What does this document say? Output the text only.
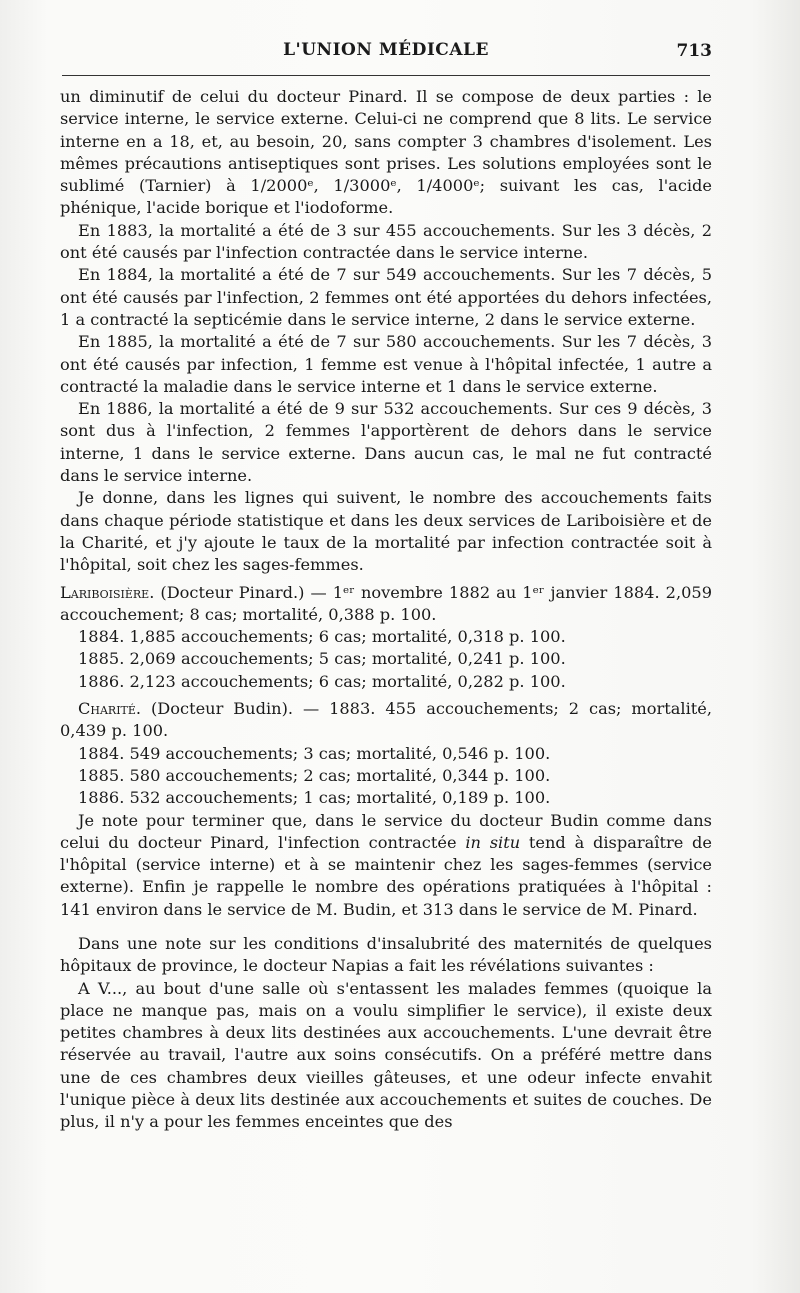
L'UNION MÉDICALE	713

un diminutif de celui du docteur Pinard. Il se compose de deux parties : le service interne, le service externe. Celui-ci ne comprend que 8 lits. Le service interne en a 18, et, au besoin, 20, sans compter 3 chambres d'isolement. Les mêmes précautions antiseptiques sont prises. Les solutions employées sont le sublimé (Tarnier) à 1/2000ᵉ, 1/3000ᵉ, 1/4000ᵉ; suivant les cas, l'acide phénique, l'acide borique et l'iodoforme.

En 1883, la mortalité a été de 3 sur 455 accouchements. Sur les 3 décès, 2 ont été causés par l'infection contractée dans le service interne.

En 1884, la mortalité a été de 7 sur 549 accouchements. Sur les 7 décès, 5 ont été causés par l'infection, 2 femmes ont été apportées du dehors infectées, 1 a contracté la septicémie dans le service interne, 2 dans le service externe.

En 1885, la mortalité a été de 7 sur 580 accouchements. Sur les 7 décès, 3 ont été causés par infection, 1 femme est venue à l'hôpital infectée, 1 autre a contracté la maladie dans le service interne et 1 dans le service externe.

En 1886, la mortalité a été de 9 sur 532 accouchements. Sur ces 9 décès, 3 sont dus à l'infection, 2 femmes l'apportèrent de dehors dans le service interne, 1 dans le service externe. Dans aucun cas, le mal ne fut contracté dans le service interne.

Je donne, dans les lignes qui suivent, le nombre des accouchements faits dans chaque période statistique et dans les deux services de Lariboisière et de la Charité, et j'y ajoute le taux de la mortalité par infection contractée soit à l'hôpital, soit chez les sages-femmes.

Lariboisière. (Docteur Pinard.) — 1ᵉʳ novembre 1882 au 1ᵉʳ janvier 1884. 2,059 accouchement; 8 cas; mortalité, 0,388 p. 100.

1884. 1,885 accouchements; 6 cas; mortalité, 0,318 p. 100.

1885. 2,069 accouchements; 5 cas; mortalité, 0,241 p. 100.

1886. 2,123 accouchements; 6 cas; mortalité, 0,282 p. 100.

Charité. (Docteur Budin). — 1883. 455 accouchements; 2 cas; mortalité, 0,439 p. 100.

1884. 549 accouchements; 3 cas; mortalité, 0,546 p. 100.

1885. 580 accouchements; 2 cas; mortalité, 0,344 p. 100.

1886. 532 accouchements; 1 cas; mortalité, 0,189 p. 100.

Je note pour terminer que, dans le service du docteur Budin comme dans celui du docteur Pinard, l'infection contractée in situ tend à disparaître de l'hôpital (service interne) et à se maintenir chez les sages-femmes (service externe). Enfin je rappelle le nombre des opérations pratiquées à l'hôpital : 141 environ dans le service de M. Budin, et 313 dans le service de M. Pinard.

Dans une note sur les conditions d'insalubrité des maternités de quelques hôpitaux de province, le docteur Napias a fait les révélations suivantes :

A V..., au bout d'une salle où s'entassent les malades femmes (quoique la place ne manque pas, mais on a voulu simplifier le service), il existe deux petites chambres à deux lits destinées aux accouchements. L'une devrait être réservée au travail, l'autre aux soins consécutifs. On a préféré mettre dans une de ces chambres deux vieilles gâteuses, et une odeur infecte envahit l'unique pièce à deux lits destinée aux accouchements et suites de couches. De plus, il n'y a pour les femmes enceintes que des
